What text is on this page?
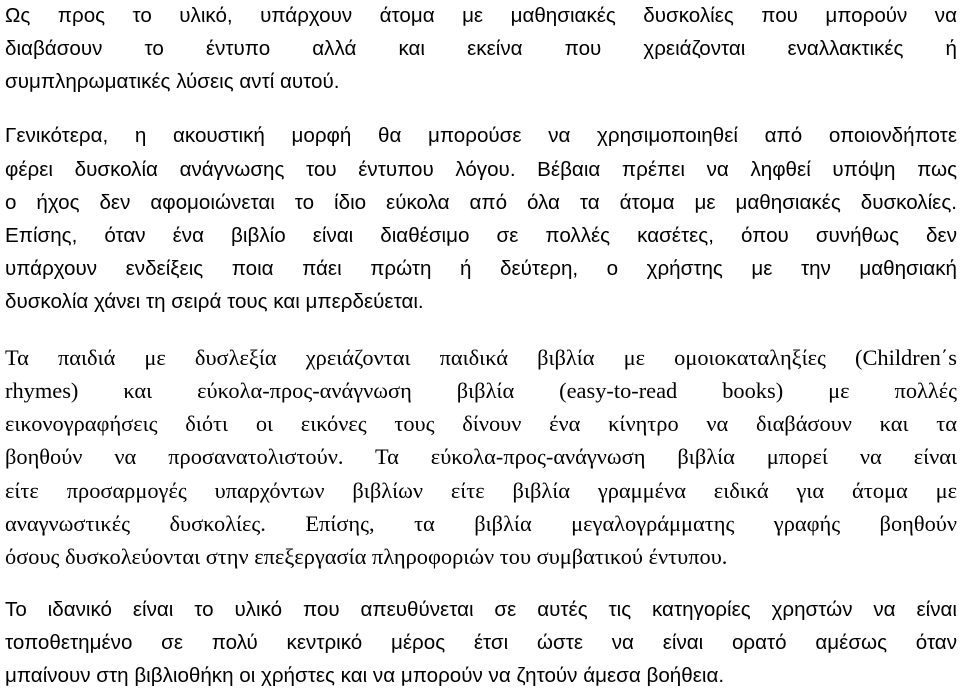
Ως προς το υλικό, υπάρχουν άτομα με μαθησιακές δυσκολίες που μπορούν να
διαβάσουν το έντυπο αλλά και εκείνα που χρειάζονται εναλλακτικές ή
συμπληρωματικές λύσεις αντί αυτού.
Γενικότερα, η ακουστική μορφή θα μπορούσε να χρησιμοποιηθεί από οποιονδήποτε
φέρει δυσκολία ανάγνωσης του έντυπου λόγου. Βέβαια πρέπει να ληφθεί υπόψη πως
ο ήχος δεν αφομοιώνεται το ίδιο εύκολα από όλα τα άτομα με μαθησιακές δυσκολίες.
Επίσης, όταν ένα βιβλίο είναι διαθέσιμο σε πολλές κασέτες, όπου συνήθως δεν
υπάρχουν ενδείξεις ποια πάει πρώτη ή δεύτερη, ο χρήστης με την μαθησιακή
δυσκολία χάνει τη σειρά τους και μπερδεύεται.
Τα παιδιά με δυσλεξία χρειάζονται παιδικά βιβλία με ομοιοκαταληξίες (Children΄s
rhymes) και εύκολα-προς-ανάγνωση βιβλία (easy-to-read books) με πολλές
εικονογραφήσεις διότι οι εικόνες τους δίνουν ένα κίνητρο να διαβάσουν και τα
βοηθούν να προσανατολιστούν. Τα εύκολα-προς-ανάγνωση βιβλία μπορεί να είναι
είτε προσαρμογές υπαρχόντων βιβλίων είτε βιβλία γραμμένα ειδικά για άτομα με
αναγνωστικές δυσκολίες. Επίσης, τα βιβλία μεγαλογράμματης γραφής βοηθούν
όσους δυσκολεύονται στην επεξεργασία πληροφοριών του συμβατικού έντυπου.
Το ιδανικό είναι το υλικό που απευθύνεται σε αυτές τις κατηγορίες χρηστών να είναι
τοποθετημένο σε πολύ κεντρικό μέρος έτσι ώστε να είναι ορατό αμέσως όταν
μπαίνουν στη βιβλιοθήκη οι χρήστες και να μπορούν να ζητούν άμεσα βοήθεια.
